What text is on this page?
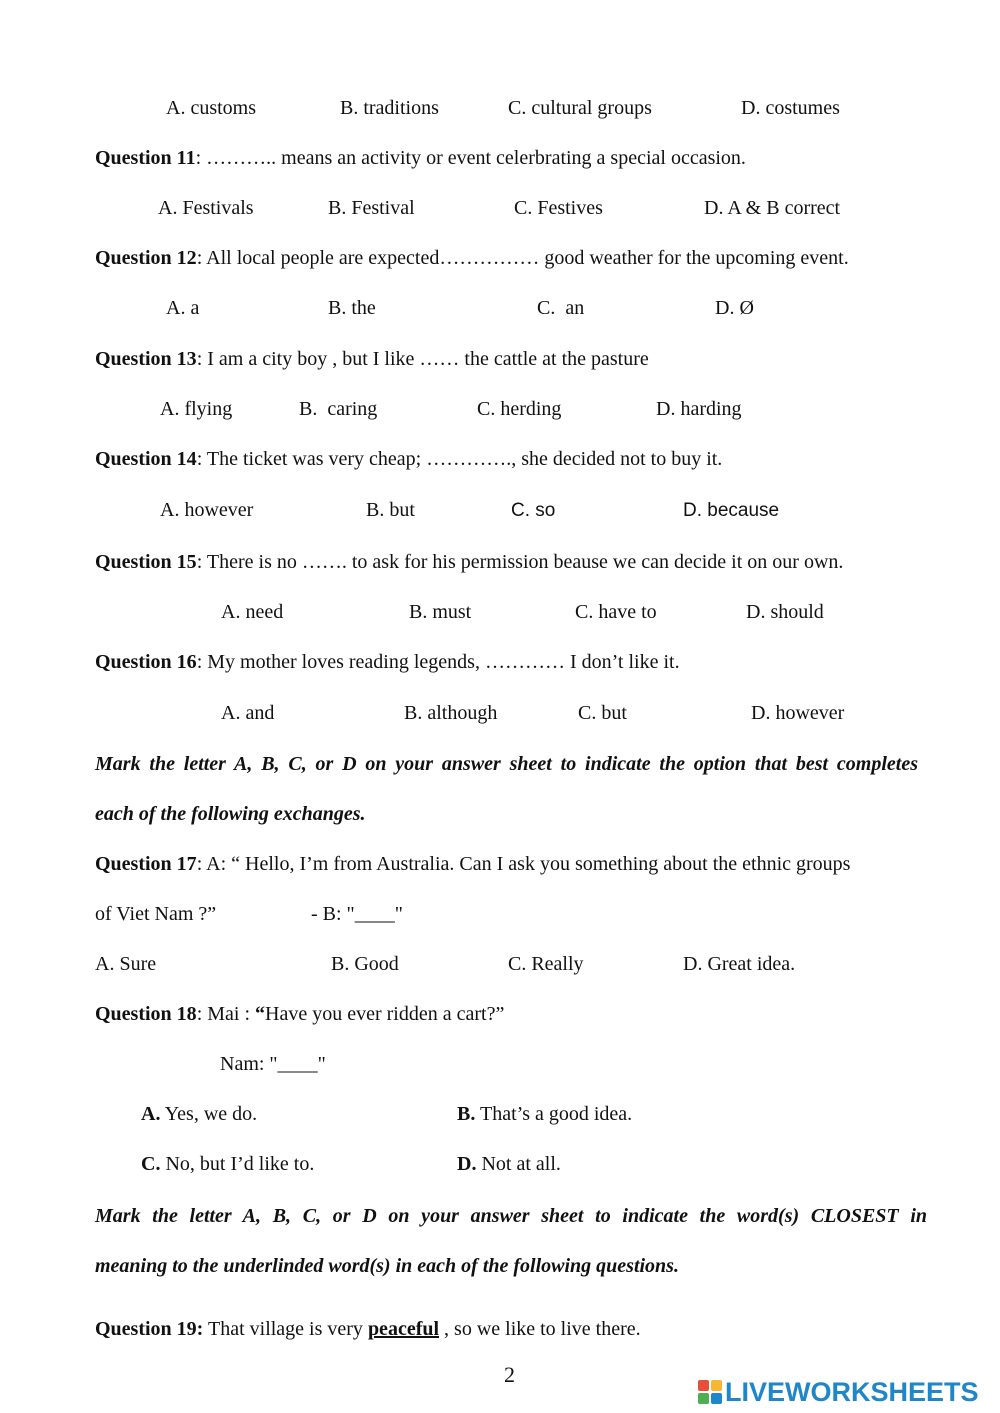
A. customs	B. traditions	C. cultural groups	D. costumes
Question 11: ……….. means an activity or event celerbrating a special occasion.
A. Festivals	B. Festival	C. Festives	D. A & B correct
Question 12: All local people are expected…………… good weather for the upcoming event.
A. a	B. the	C.  an	D. Ø
Question 13: I am a city boy , but I like …… the cattle at the pasture
A. flying	B.  caring	C. herding	D. harding
Question 14: The ticket was very cheap; …………., she decided not to buy it.
A. however	B. but	C. so	D. because
Question 15: There is no ……. to ask for his permission beause we can decide it on our own.
A. need	B. must	C. have to	D. should
Question 16: My mother loves reading legends, ………… I don’t like it.
A. and	B. although	C. but	D. however
Mark the letter A, B, C, or D on your answer sheet to indicate the option that best completes
each of the following exchanges.
Question 17: A: “ Hello, I’m from Australia. Can I ask you something about the ethnic groups
of Viet Nam ?”	- B: "____"
A. Sure	B. Good	C. Really	D. Great idea.
Question 18: Mai : “Have you ever ridden a cart?”
Nam: "____"
A. Yes, we do.	B. That’s a good idea.
C. No, but I’d like to.	D. Not at all.
Mark the letter A, B, C, or D on your answer sheet to indicate the word(s) CLOSEST in
meaning to the underlinded word(s) in each of the following questions.
Question 19: That village is very peaceful , so we like to live there.
2
LIVEWORKSHEETS
